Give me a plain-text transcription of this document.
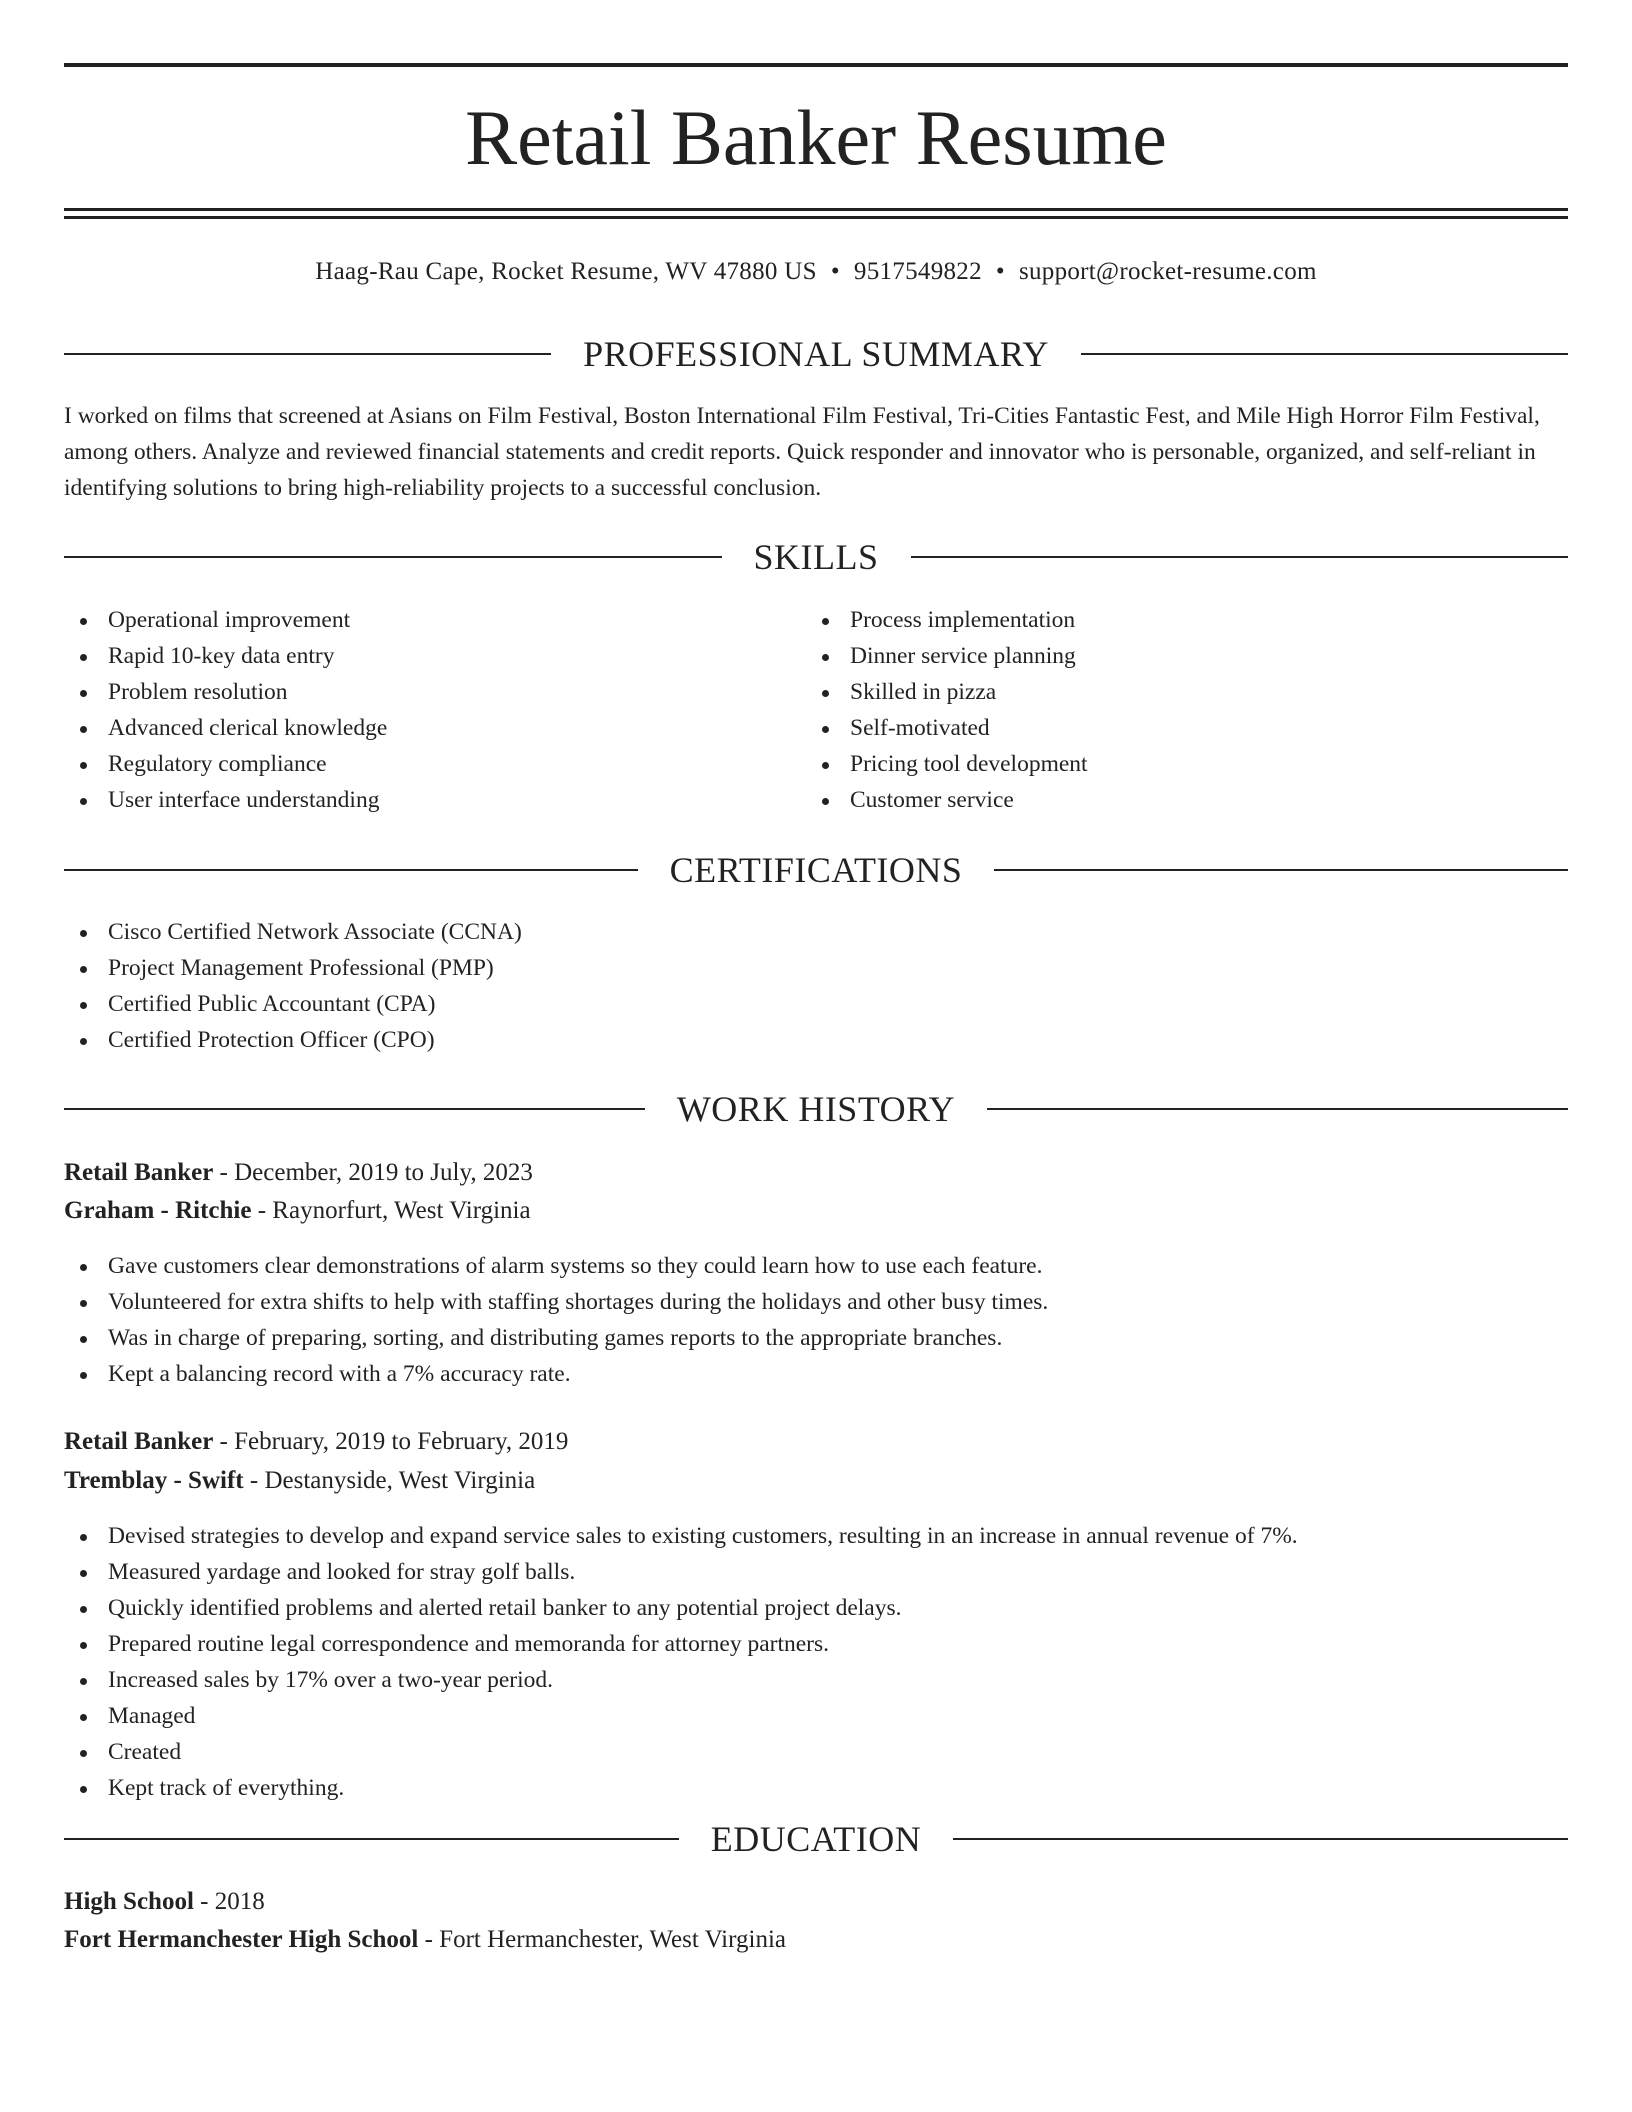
Retail Banker Resume
Haag-Rau Cape, Rocket Resume, WV 47880 US • 9517549822 • support@rocket-resume.com
PROFESSIONAL SUMMARY

I worked on films that screened at Asians on Film Festival, Boston International Film Festival, Tri-Cities Fantastic Fest, and Mile High Horror Film Festival, among others. Analyze and reviewed financial statements and credit reports. Quick responder and innovator who is personable, organized, and self-reliant in identifying solutions to bring high-reliability projects to a successful conclusion.

SKILLS
Operational improvement
Rapid 10-key data entry
Problem resolution
Advanced clerical knowledge
Regulatory compliance
User interface understanding
Process implementation
Dinner service planning
Skilled in pizza
Self-motivated
Pricing tool development
Customer service
CERTIFICATIONS
Cisco Certified Network Associate (CCNA)
Project Management Professional (PMP)
Certified Public Accountant (CPA)
Certified Protection Officer (CPO)
WORK HISTORY
Retail Banker - December, 2019 to July, 2023
Graham - Ritchie - Raynorfurt, West Virginia
Gave customers clear demonstrations of alarm systems so they could learn how to use each feature.
Volunteered for extra shifts to help with staffing shortages during the holidays and other busy times.
Was in charge of preparing, sorting, and distributing games reports to the appropriate branches.
Kept a balancing record with a 7% accuracy rate.
Retail Banker - February, 2019 to February, 2019
Tremblay - Swift - Destanyside, West Virginia
Devised strategies to develop and expand service sales to existing customers, resulting in an increase in annual revenue of 7%.
Measured yardage and looked for stray golf balls.
Quickly identified problems and alerted retail banker to any potential project delays.
Prepared routine legal correspondence and memoranda for attorney partners.
Increased sales by 17% over a two-year period.
Managed
Created
Kept track of everything.
EDUCATION
High School - 2018
Fort Hermanchester High School - Fort Hermanchester, West Virginia
